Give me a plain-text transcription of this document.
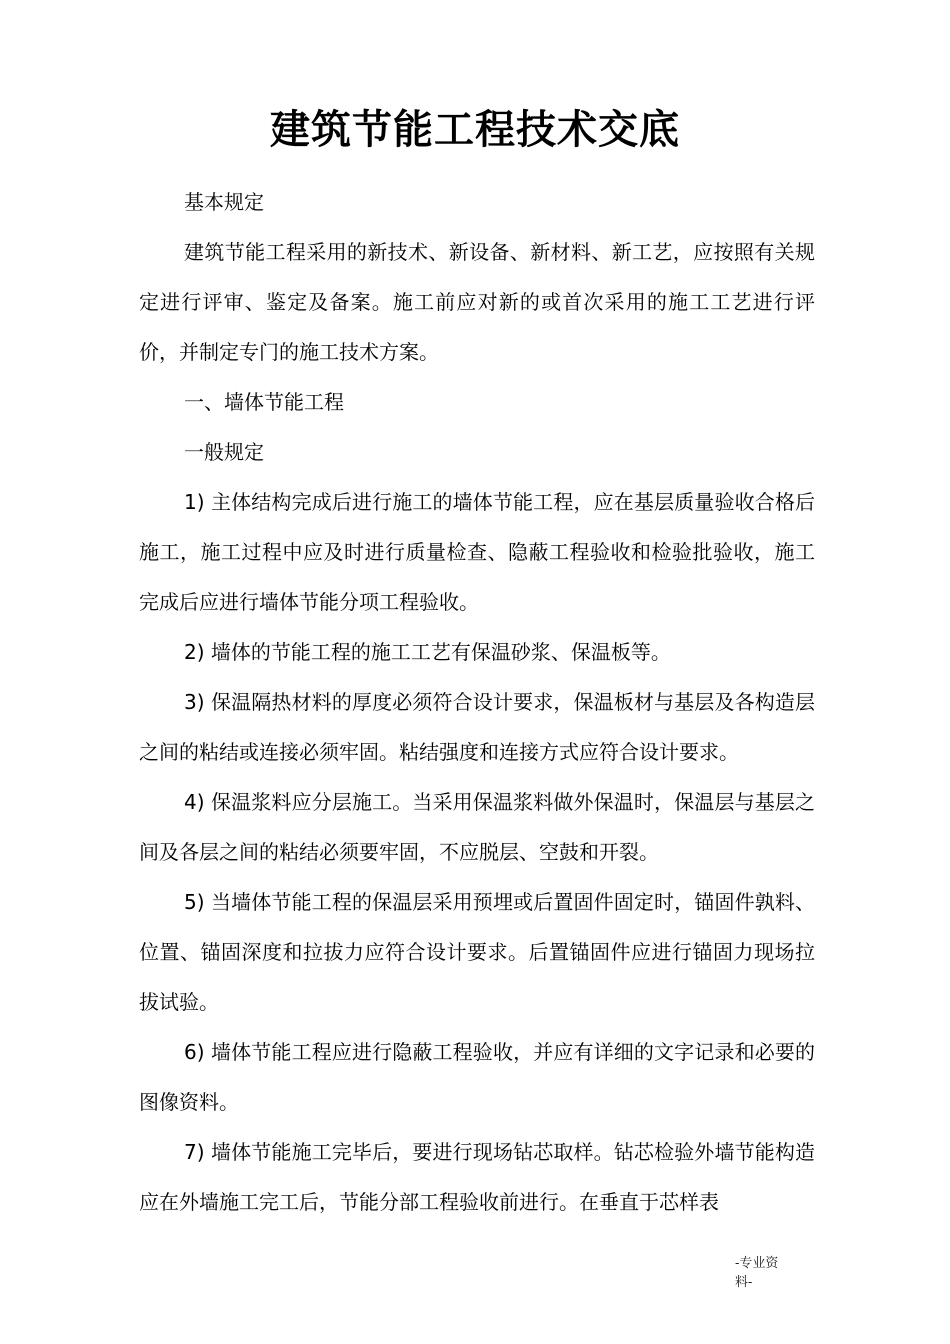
建筑节能工程技术交底

基本规定

建筑节能工程采用的新技术、新设备、新材料、新工艺，应按照有关规定进行评审、鉴定及备案。施工前应对新的或首次采用的施工工艺进行评价，并制定专门的施工技术方案。

一、墙体节能工程

一般规定

1) 主体结构完成后进行施工的墙体节能工程，应在基层质量验收合格后施工，施工过程中应及时进行质量检查、隐蔽工程验收和检验批验收，施工完成后应进行墙体节能分项工程验收。

2) 墙体的节能工程的施工工艺有保温砂浆、保温板等。

3) 保温隔热材料的厚度必须符合设计要求，保温板材与基层及各构造层之间的粘结或连接必须牢固。粘结强度和连接方式应符合设计要求。

4) 保温浆料应分层施工。当采用保温浆料做外保温时，保温层与基层之间及各层之间的粘结必须要牢固，不应脱层、空鼓和开裂。

5) 当墙体节能工程的保温层采用预埋或后置固件固定时，锚固件孰料、位置、锚固深度和拉拔力应符合设计要求。后置锚固件应进行锚固力现场拉拔试验。

6) 墙体节能工程应进行隐蔽工程验收，并应有详细的文字记录和必要的图像资料。

7) 墙体节能施工完毕后，要进行现场钻芯取样。钻芯检验外墙节能构造应在外墙施工完工后，节能分部工程验收前进行。在垂直于芯样表

-专业资
料-
